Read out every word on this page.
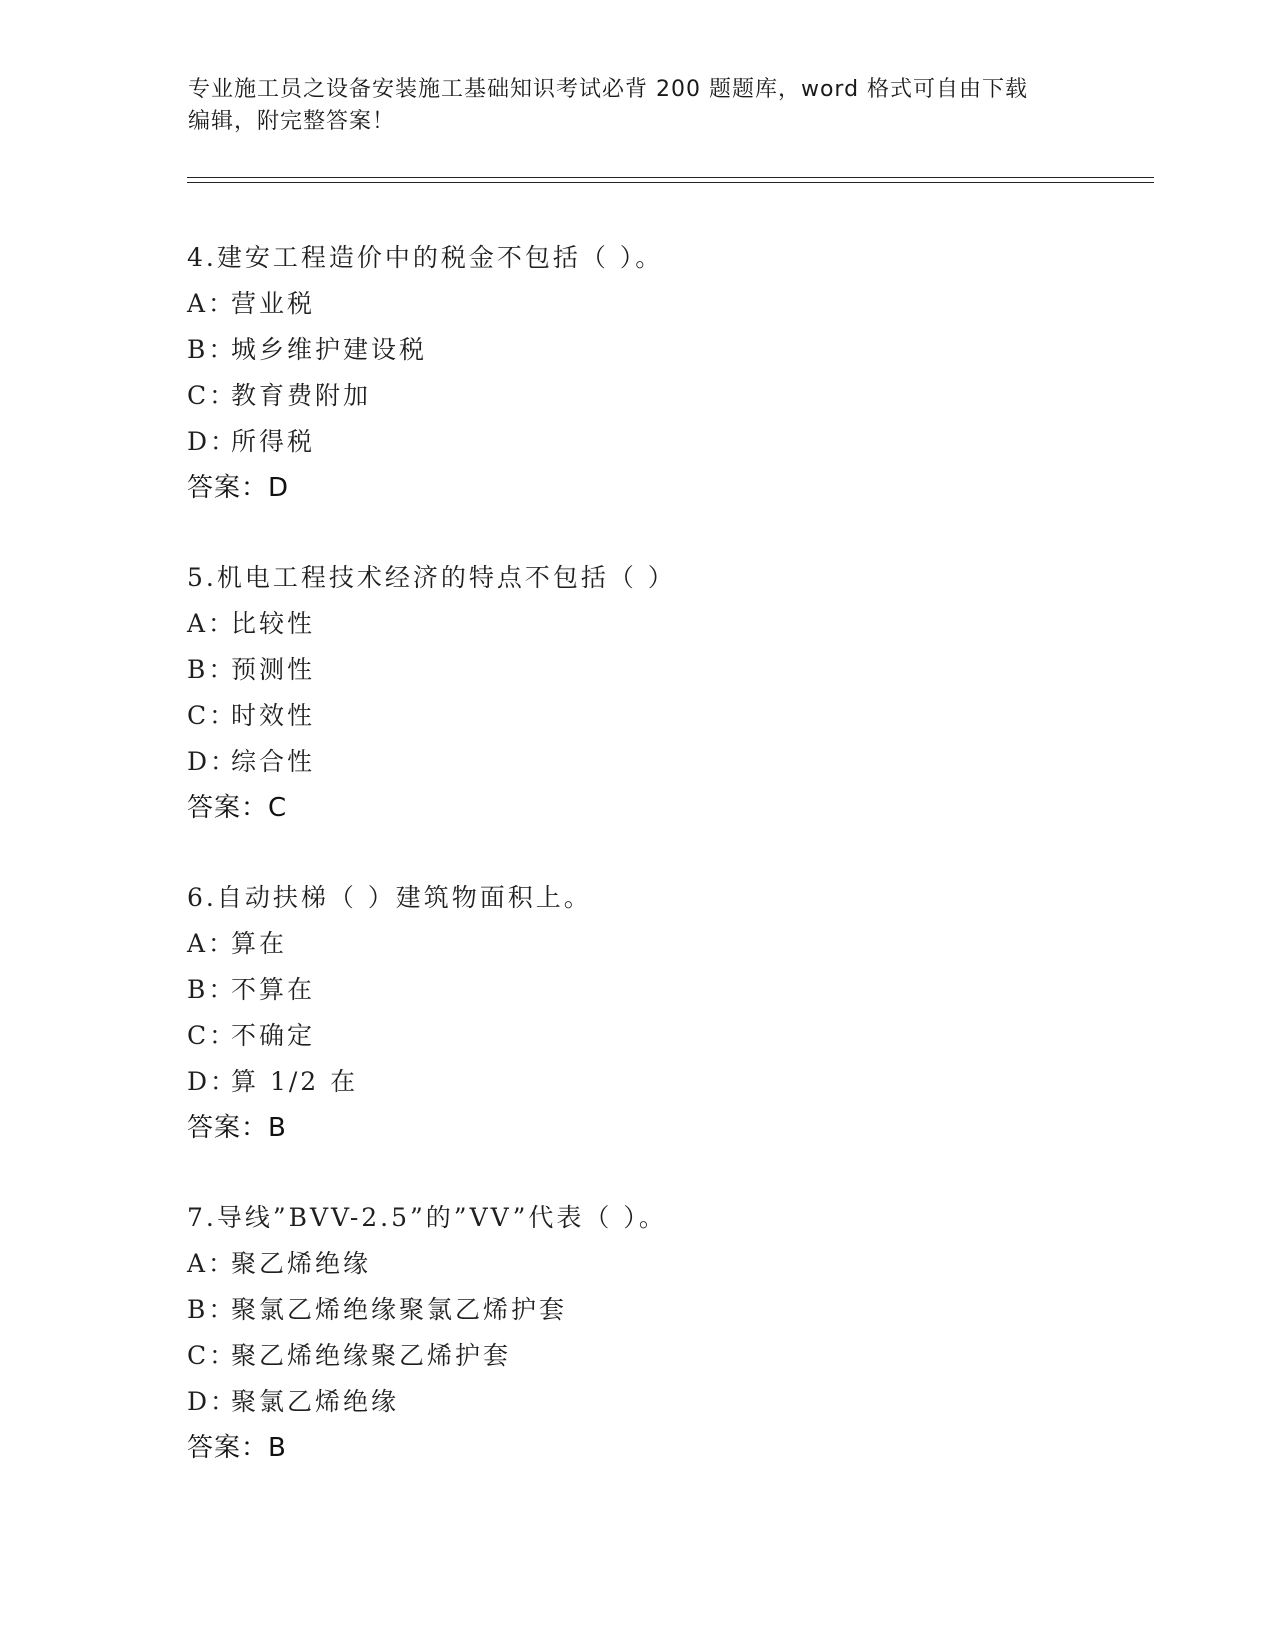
专业施工员之设备安装施工基础知识考试必背 200 题题库，word 格式可自由下载
编辑，附完整答案！
4.建安工程造价中的税金不包括（ ）。
A：营业税
B：城乡维护建设税
C：教育费附加
D：所得税
答案：D
5.机电工程技术经济的特点不包括（ ）
A：比较性
B：预测性
C：时效性
D：综合性
答案：C
6.自动扶梯（ ）建筑物面积上。
A：算在
B：不算在
C：不确定
D：算 1/2 在
答案：B
7.导线”BVV-2.5”的”VV”代表（ ）。
A：聚乙烯绝缘
B：聚氯乙烯绝缘聚氯乙烯护套
C：聚乙烯绝缘聚乙烯护套
D：聚氯乙烯绝缘
答案：B
